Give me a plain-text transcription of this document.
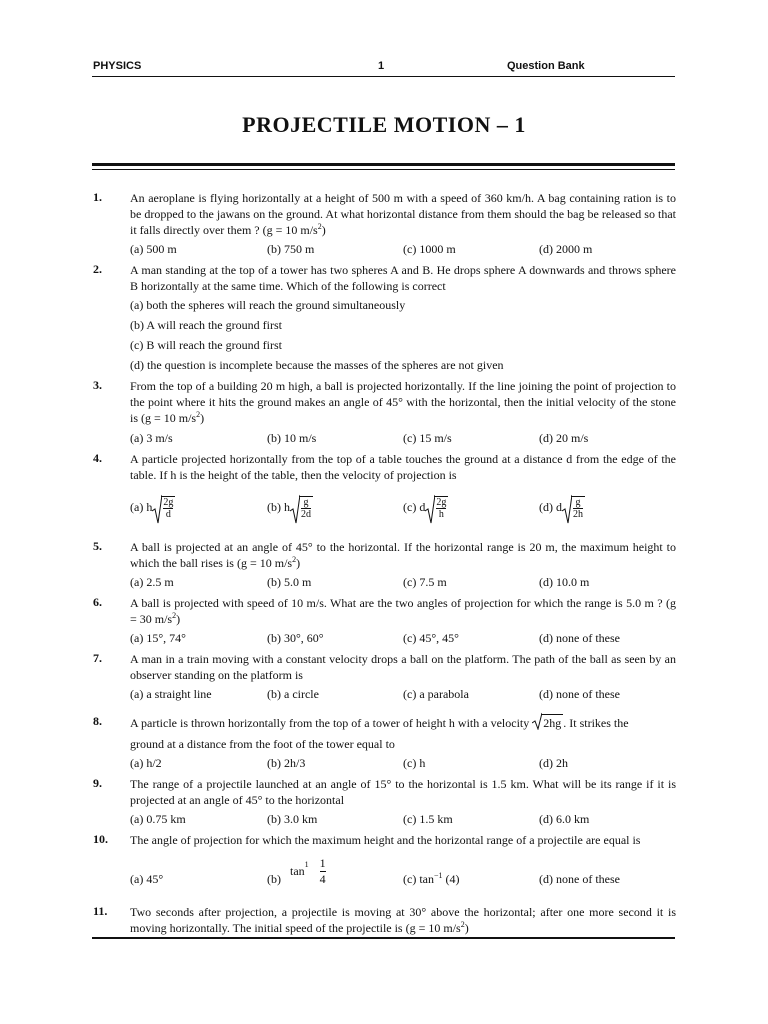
PHYSICS	1	Question Bank
PROJECTILE MOTION – 1
1. An aeroplane is flying horizontally at a height of 500 m with a speed of 360 km/h. A bag containing ration is to be dropped to the jawans on the ground. At what horizontal distance from them should the bag be released so that it falls directly over them ? (g = 10 $m/s^2$)
(a) 500 m	(b) 750 m	(c) 1000 m	(d) 2000 m
2. A man standing at the top of a tower has two spheres A and B. He drops sphere A downwards and throws sphere B horizontally at the same time. Which of the following is correct
(a) both the spheres will reach the ground simultaneously
(b) A will reach the ground first
(c) B will reach the ground first
(d) the question is incomplete because the masses of the spheres are not given
3. From the top of a building 20 m high, a ball is projected horizontally. If the line joining the point of projection to the point where it hits the ground makes an angle of 45° with the horizontal, then the initial velocity of the stone is (g = 10 $m/s^2$)
(a) 3 m/s	(b) 10 m/s	(c) 15 m/s	(d) 20 m/s
4. A particle projected horizontally from the top of a table touches the ground at a distance d from the edge of the table. If h is the height of the table, then the velocity of projection is
(a) h $\frac{2g}{d}$	(b) h $\frac{g}{2d}$	(c) d $\frac{2g}{h}$	(d) d $\frac{g}{2h}$
5. A ball is projected at an angle of 45° to the horizontal. If the horizontal range is 20 m, the maximum height to which the ball rises is (g = 10 $m/s^2$)
(a) 2.5 m	(b) 5.0 m	(c) 7.5 m	(d) 10.0 m
6. A ball is projected with speed of 10 m/s. What are the two angles of projection for which the range is 5.0 m ? (g = 30 $m/s^2$)
(a) 15°, 74°	(b) 30°, 60°	(c) 45°, 45°	(d) none of these
7. A man in a train moving with a constant velocity drops a ball on the platform. The path of the ball as seen by an observer standing on the platform is
(a) a straight line	(b) a circle	(c) a parabola	(d) none of these
8. A particle is thrown horizontally from the top of a tower of height h with a velocity 2hg . It strikes the
ground at a distance from the foot of the tower equal to
(a) h/2	(b) 2h/3	(c) h	(d) 2h
9. The range of a projectile launched at an angle of 15° to the horizontal is 1.5 km. What will be its range if it is projected at an angle of 45° to the horizontal
(a) 0.75 km	(b) 3.0 km	(c) 1.5 km	(d) 6.0 km
10. The angle of projection for which the maximum height and the horizontal range of a projectile are equal is
(a) 45°	(b) $\tan^1 \frac{1}{4}$	(c) $\tan^{-1} (4)$	(d) none of these
11. Two seconds after projection, a projectile is moving at 30° above the horizontal; after one more second it is moving horizontally. The initial speed of the projectile is (g = 10 $m/s^2$)
